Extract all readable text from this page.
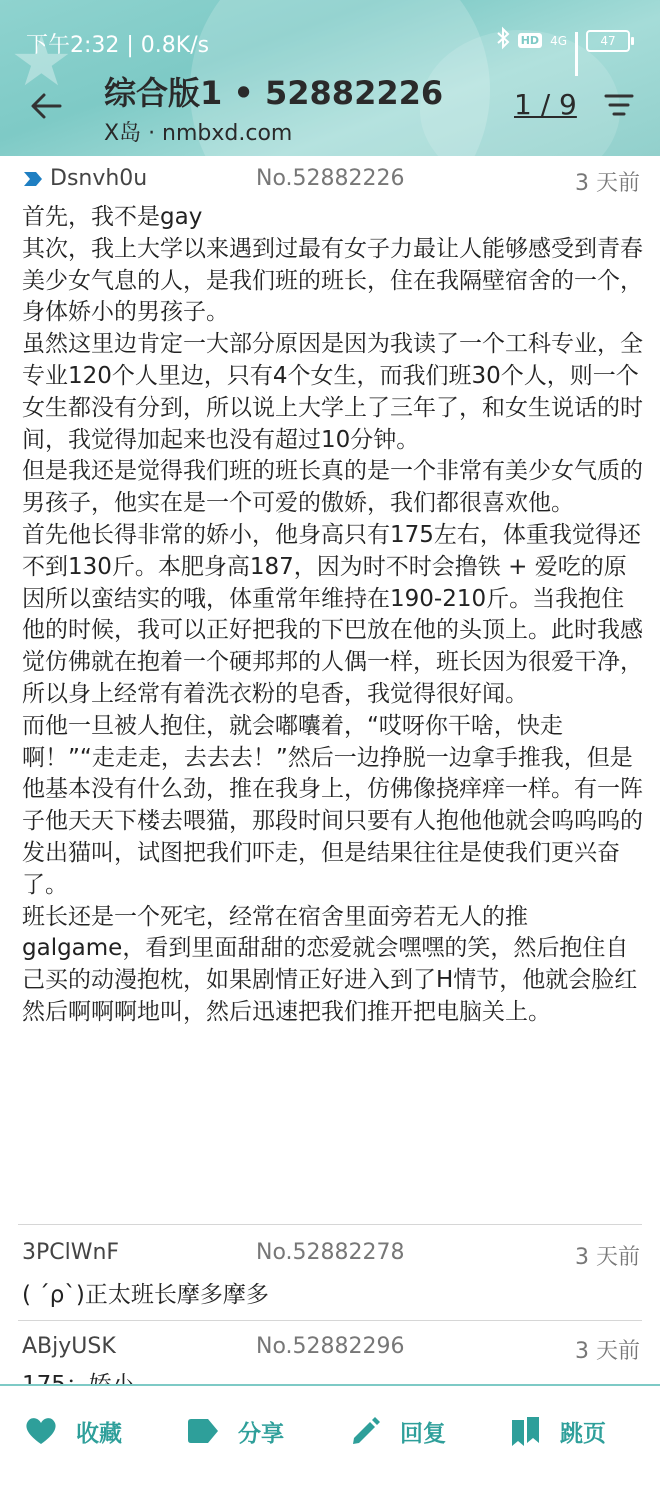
★
下午2:32 | 0.8K/s	HD 4G	47
综合版1 • 52882226
X岛 · nmbxd.com
1 / 9
Dsnvh0u	No.52882226	3 天前

首先，我不是gay

其次，我上大学以来遇到过最有女子力最让人能够感受到青春美少女气息的人，是我们班的班长，住在我隔壁宿舍的一个，身体娇小的男孩子。

虽然这里边肯定一大部分原因是因为我读了一个工科专业，全专业120个人里边，只有4个女生，而我们班30个人，则一个女生都没有分到，所以说上大学上了三年了，和女生说话的时间，我觉得加起来也没有超过10分钟。

但是我还是觉得我们班的班长真的是一个非常有美少女气质的男孩子，他实在是一个可爱的傲娇，我们都很喜欢他。

首先他长得非常的娇小，他身高只有175左右，体重我觉得还不到130斤。本肥身高187，因为时不时会撸铁 + 爱吃的原因所以蛮结实的哦，体重常年维持在190-210斤。当我抱住他的时候，我可以正好把我的下巴放在他的头顶上。此时我感觉仿佛就在抱着一个硬邦邦的人偶一样，班长因为很爱干净，所以身上经常有着洗衣粉的皂香，我觉得很好闻。

而他一旦被人抱住，就会嘟囔着，“哎呀你干啥，快走啊！”“走走走，去去去！”然后一边挣脱一边拿手推我，但是他基本没有什么劲，推在我身上，仿佛像挠痒痒一样。有一阵子他天天下楼去喂猫，那段时间只要有人抱他他就会呜呜呜的发出猫叫，试图把我们吓走，但是结果往往是使我们更兴奋了。

班长还是一个死宅，经常在宿舍里面旁若无人的推galgame，看到里面甜甜的恋爱就会嘿嘿的笑，然后抱住自己买的动漫抱枕，如果剧情正好进入到了H情节，他就会脸红然后啊啊啊地叫，然后迅速把我们推开把电脑关上。

3PClWnF	No.52882278	3 天前
( ´ρ`)正太班长摩多摩多
ABjyUSK	No.52882296	3 天前
收藏	分享	回复	跳页
